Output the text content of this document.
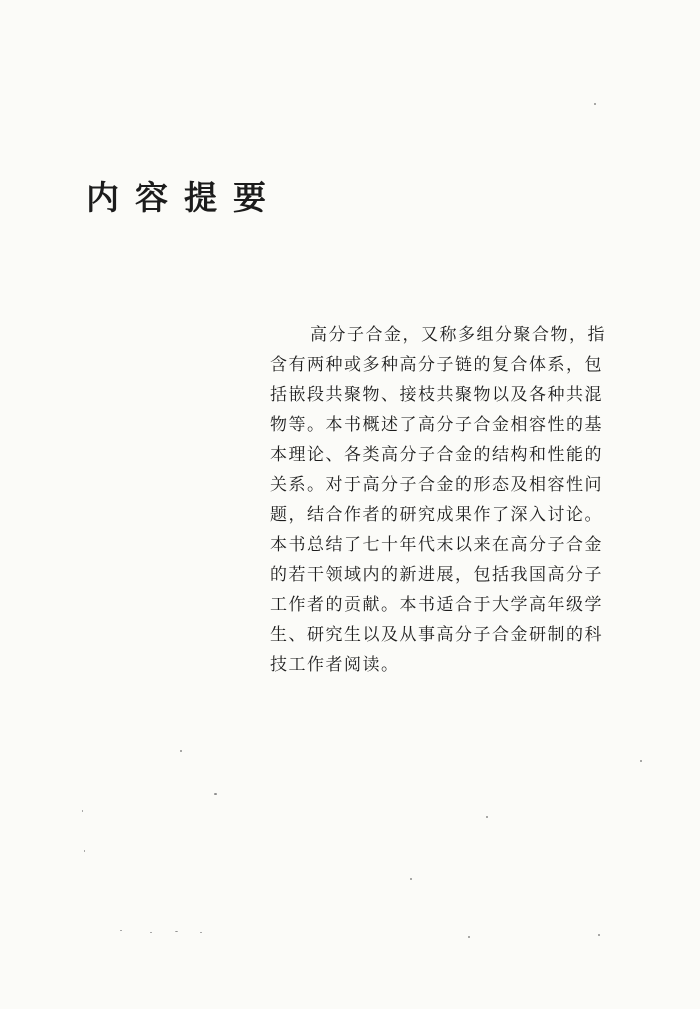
内 容 提 要
高分子合金，又称多组分聚合物，指
含有两种或多种高分子链的复合体系，包
括嵌段共聚物、接枝共聚物以及各种共混
物等。本书概述了高分子合金相容性的基
本理论、各类高分子合金的结构和性能的
关系。对于高分子合金的形态及相容性问
题，结合作者的研究成果作了深入讨论。
本书总结了七十年代末以来在高分子合金
的若干领域内的新进展，包括我国高分子
工作者的贡献。本书适合于大学高年级学
生、研究生以及从事高分子合金研制的科
技工作者阅读。
